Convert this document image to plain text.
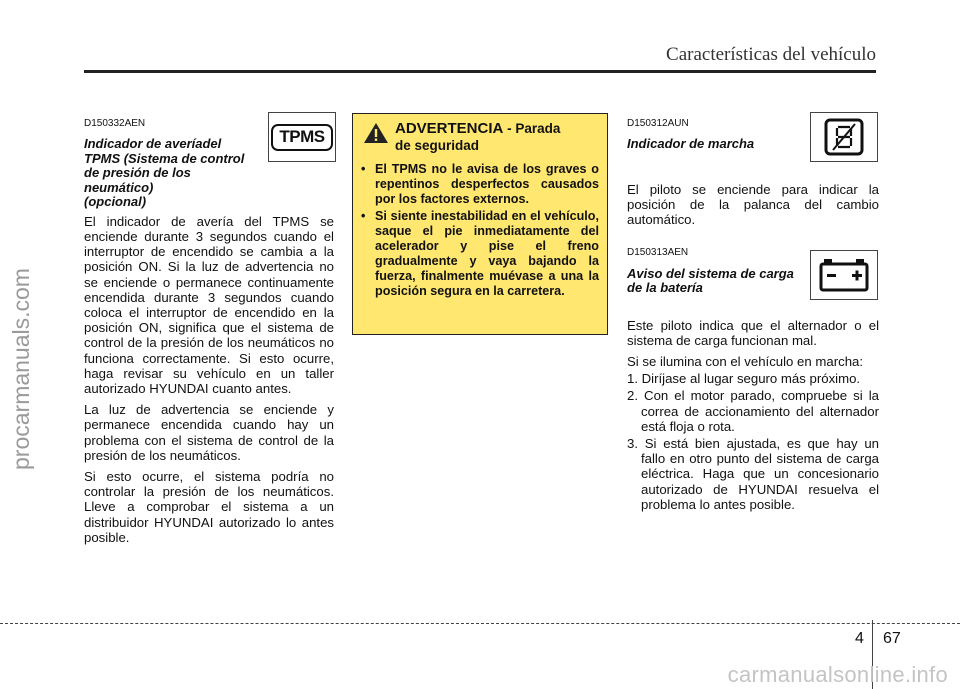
Características del vehículo
procarmanuals.com
D150332AEN
Indicador de averíadel
TPMS (Sistema de control
de presión de los
neumático)
(opcional)

El indicador de avería del TPMS se enciende durante 3 segundos cuando el interruptor de encendido se cambia a la posición ON. Si la luz de advertencia no se enciende o permanece continuamente encendida durante 3 segundos cuando coloca el interruptor de encendido en la posición ON, significa que el sistema de control de la presión de los neumáticos no funciona correctamente. Si esto ocurre, haga revisar su vehículo en un taller autorizado HYUNDAI cuanto antes.

La luz de advertencia se enciende y permanece encendida cuando hay un problema con el sistema de control de la presión de los neumáticos.

Si esto ocurre, el sistema podría no controlar la presión de los neumáticos. Lleve a comprobar el sistema a un distribuidor HYUNDAI autorizado lo antes posible.

TPMS	ADVERTENCIA - Parada
de seguridad
• El TPMS no le avisa de los graves o repentinos desperfectos causados por los factores externos.
• Si siente inestabilidad en el vehículo, saque el pie inmediatamente del acelerador y pise el freno gradualmente y vaya bajando la fuerza, finalmente muévase a una la posición segura en la carretera.
D150312AUN
Indicador de marcha

El piloto se enciende para indicar la posición de la palanca del cambio automático.

D150313AEN
Aviso del sistema de carga
de la batería

Este piloto indica que el alternador o el sistema de carga funcionan mal.

Si se ilumina con el vehículo en marcha:

1. Diríjase al lugar seguro más próximo.

2. Con el motor parado, compruebe si la correa de accionamiento del alternador está floja o rota.

3. Si está bien ajustada, es que hay un fallo en otro punto del sistema de carga eléctrica. Haga que un concesionario autorizado de HYUNDAI resuelva el problema lo antes posible.

4 67
carmanualsonline.info
